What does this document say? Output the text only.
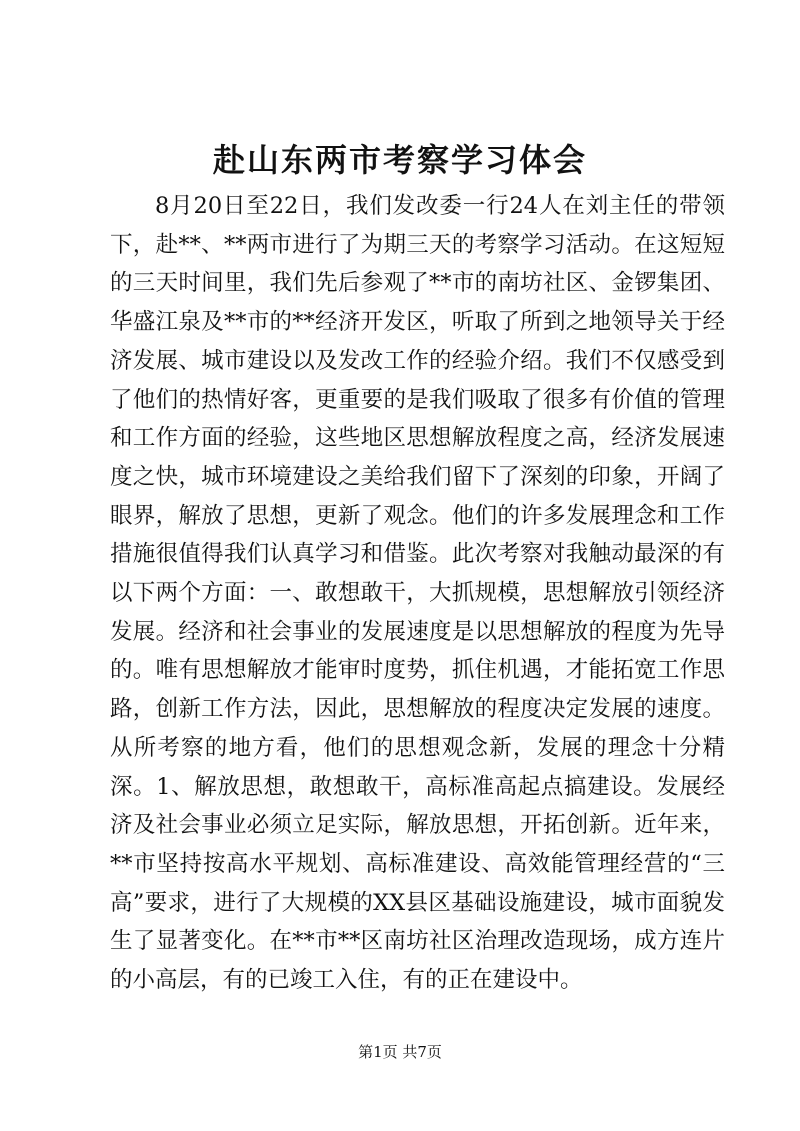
赴山东两市考察学习体会
8月20日至22日，我们发改委一行24人在刘主任的带领下，赴**、**两市进行了为期三天的考察学习活动。在这短短的三天时间里，我们先后参观了**市的南坊社区、金锣集团、华盛江泉及**市的**经济开发区，听取了所到之地领导关于经济发展、城市建设以及发改工作的经验介绍。我们不仅感受到了他们的热情好客，更重要的是我们吸取了很多有价值的管理和工作方面的经验，这些地区思想解放程度之高，经济发展速度之快，城市环境建设之美给我们留下了深刻的印象，开阔了眼界，解放了思想，更新了观念。他们的许多发展理念和工作措施很值得我们认真学习和借鉴。此次考察对我触动最深的有以下两个方面：一、敢想敢干，大抓规模，思想解放引领经济发展。经济和社会事业的发展速度是以思想解放的程度为先导的。唯有思想解放才能审时度势，抓住机遇，才能拓宽工作思路，创新工作方法，因此，思想解放的程度决定发展的速度。从所考察的地方看，他们的思想观念新，发展的理念十分精深。1、解放思想，敢想敢干，高标准高起点搞建设。发展经济及社会事业必须立足实际，解放思想，开拓创新。近年来，**市坚持按高水平规划、高标准建设、高效能管理经营的“三高”要求，进行了大规模的XX县区基础设施建设，城市面貌发生了显著变化。在**市**区南坊社区治理改造现场，成方连片的小高层，有的已竣工入住，有的正在建设中。
第1页 共7页
